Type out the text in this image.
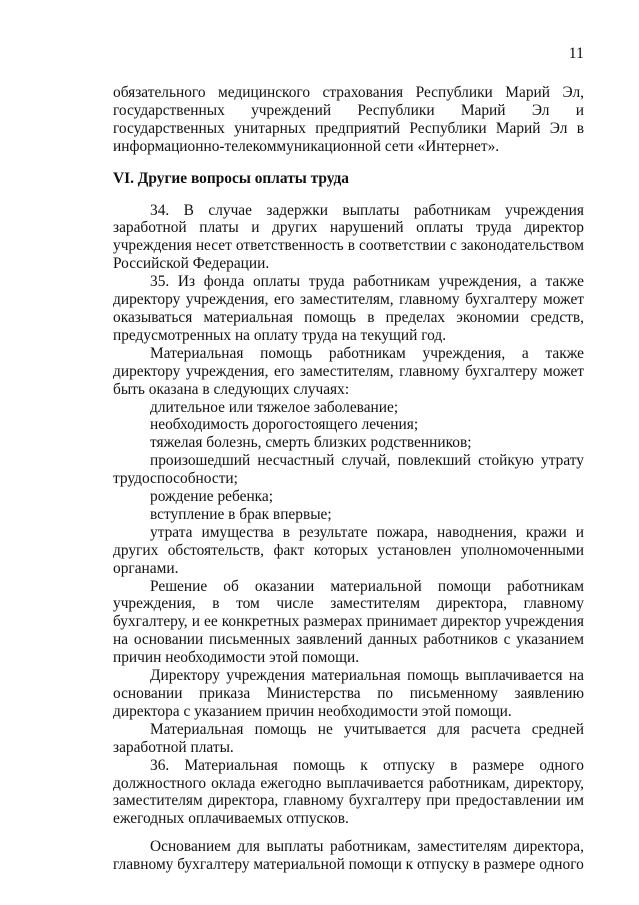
11

обязательного медицинского страхования Республики Марий Эл, государственных учреждений Республики Марий Эл и государственных унитарных предприятий Республики Марий Эл в информационно-телекоммуникационной сети «Интернет».

VI. Другие вопросы оплаты труда

34. В случае задержки выплаты работникам учреждения заработной платы и других нарушений оплаты труда директор учреждения несет ответственность в соответствии с законодательством Российской Федерации.

35. Из фонда оплаты труда работникам учреждения, а также директору учреждения, его заместителям, главному бухгалтеру может оказываться материальная помощь в пределах экономии средств, предусмотренных на оплату труда на текущий год.

Материальная помощь работникам учреждения, а также директору учреждения, его заместителям, главному бухгалтеру может быть оказана в следующих случаях:

длительное или тяжелое заболевание;

необходимость дорогостоящего лечения;

тяжелая болезнь, смерть близких родственников;

произошедший несчастный случай, повлекший стойкую утрату трудоспособности;

рождение ребенка;

вступление в брак впервые;

утрата имущества в результате пожара, наводнения, кражи и других обстоятельств, факт которых установлен уполномоченными органами.

Решение об оказании материальной помощи работникам учреждения, в том числе заместителям директора, главному бухгалтеру, и ее конкретных размерах принимает директор учреждения на основании письменных заявлений данных работников с указанием причин необходимости этой помощи.

Директору учреждения материальная помощь выплачивается на основании приказа Министерства по письменному заявлению директора с указанием причин необходимости этой помощи.

Материальная помощь не учитывается для расчета средней заработной платы.

36. Материальная помощь к отпуску в размере одного должностного оклада ежегодно выплачивается работникам, директору, заместителям директора, главному бухгалтеру при предоставлении им ежегодных оплачиваемых отпусков.

Основанием для выплаты работникам, заместителям директора, главному бухгалтеру материальной помощи к отпуску в размере одного
